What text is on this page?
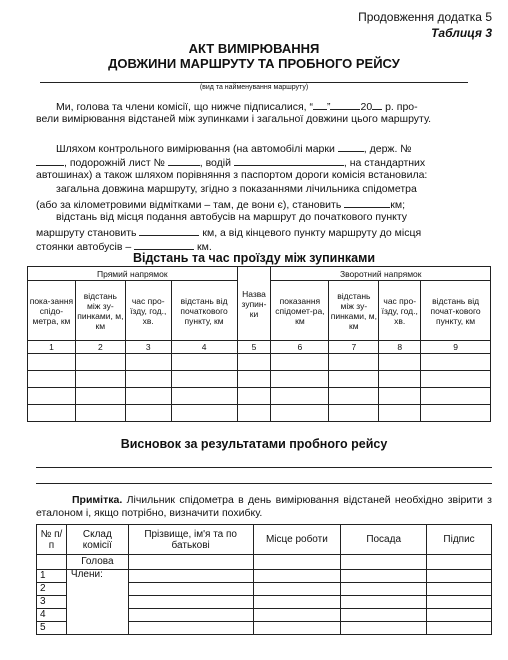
Продовження додатка 5
Таблиця 3
АКТ ВИМІРЮВАННЯ
ДОВЖИНИ МАРШРУТУ ТА ПРОБНОГО РЕЙСУ
(вид та найменування маршруту)
Ми, голова та члени комісії, що нижче підписалися, “ ”	20 р. про-
вели вимірювання відстаней між зупинками і загальної довжини цього маршруту.
Шляхом контрольного вимірювання (на автомобілі марки	, держ. №
, подорожній лист №	, водій	, на стандартних
автошинах) а також шляхом порівняння з паспортом дороги комісія встановила:
загальна довжина маршруту, згідно з показаннями лічильника спідометра
(або за кілометровими відмітками – там, де вони є), становить	км;
відстань від місця подання автобусів на маршрут до початкового пункту
маршруту становить	км, а від кінцевого пункту маршруту до місця
стоянки автобусів –	км.
Відстань та час проїзду між зупинками
Прямий напрямок				Назва зупин-ки	Зворотний напрямок			
пока-зання спідо-метра, км	відстань між зу-пинками, м, км	час про-їзду, год., хв.	відстань від початкового пункту, км		показання спідомет-ра, км	відстань між зу-пинками, м, км	час про-їзду, год., хв.	відстань від почат-кового пункту, км
1	2	3	4	5	6	7	8	9

Висновок за результатами пробного рейсу
Примітка. Лічильник спідометра в день вимірювання відстаней необхідно звірити з еталоном і, якщо потрібно, визначити похибку.
№ п/п	Склад комісії	Прізвище, ім'я та по батькові	Місце роботи	Посада	Підпис
	Голова				
1	Члени:				
2					
3					
4					
5					
